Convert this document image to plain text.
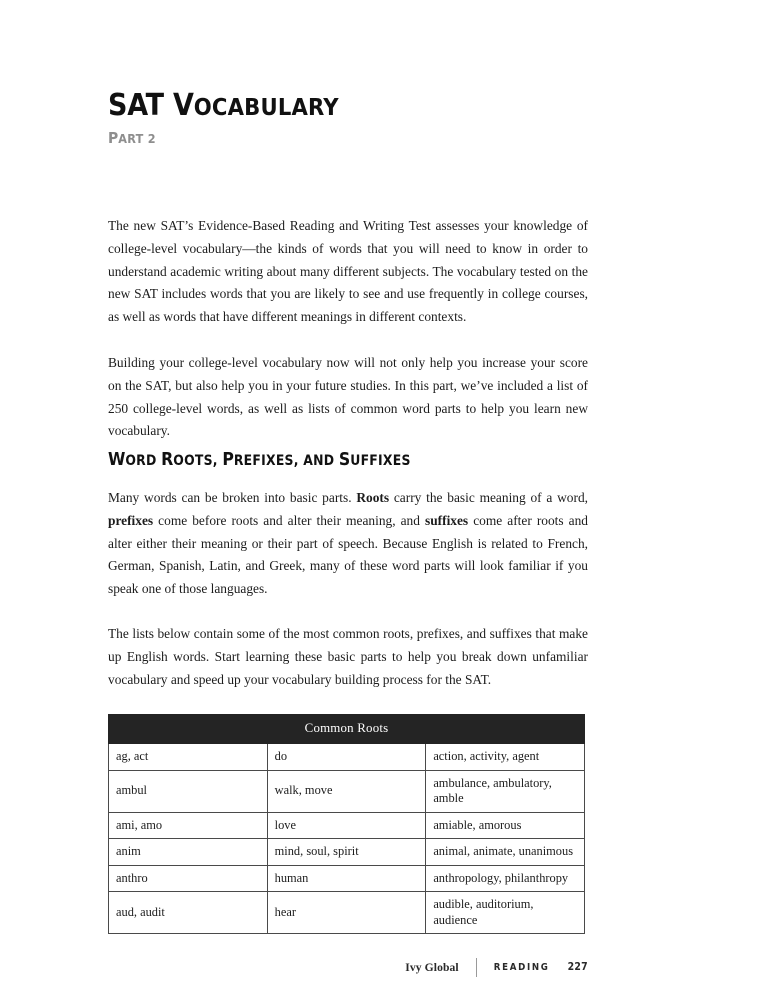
SAT VOCABULARY
PART 2

The new SAT’s Evidence-Based Reading and Writing Test assesses your knowledge of college-level vocabulary—the kinds of words that you will need to know in order to understand academic writing about many different subjects. The vocabulary tested on the new SAT includes words that you are likely to see and use frequently in college courses, as well as words that have different meanings in different contexts.

Building your college-level vocabulary now will not only help you increase your score on the SAT, but also help you in your future studies. In this part, we’ve included a list of 250 college-level words, as well as lists of common word parts to help you learn new vocabulary.

WORD ROOTS, PREFIXES, AND SUFFIXES

Many words can be broken into basic parts. Roots carry the basic meaning of a word, prefixes come before roots and alter their meaning, and suffixes come after roots and alter either their meaning or their part of speech. Because English is related to French, German, Spanish, Latin, and Greek, many of these word parts will look familiar if you speak one of those languages.

The lists below contain some of the most common roots, prefixes, and suffixes that make up English words. Start learning these basic parts to help you break down unfamiliar vocabulary and speed up your vocabulary building process for the SAT.

Common Roots		
ag, act	do	action, activity, agent
ambul	walk, move	ambulance, ambulatory, amble
ami, amo	love	amiable, amorous
anim	mind, soul, spirit	animal, animate, unanimous
anthro	human	anthropology, philanthropy
aud, audit	hear	audible, auditorium, audience
Ivy Global	READING 227
